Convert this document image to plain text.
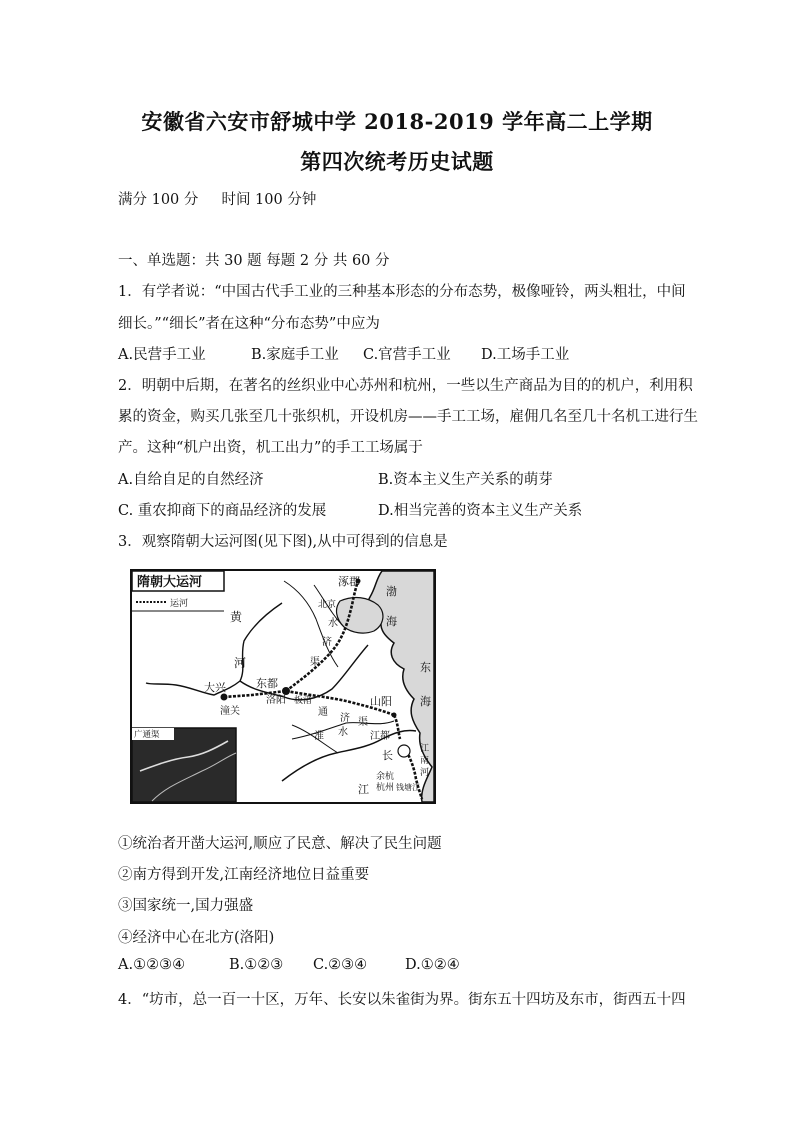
安徽省六安市舒城中学 2018-2019 学年高二上学期
第四次统考历史试题
满分 100 分     时间 100 分钟
一、单选题：共 30 题 每题 2 分 共 60 分
1．有学者说：“中国古代手工业的三种基本形态的分布态势，极像哑铃，两头粗壮，中间
细长。”“细长”者在这种“分布态势”中应为
A.民营手工业	B.家庭手工业 C.官营手工业 D.工场手工业
2．明朝中后期，在著名的丝织业中心苏州和杭州，一些以生产商品为目的的机户，利用积
累的资金，购买几张至几十张织机，开设机房——手工工场，雇佣几名至几十名机工进行生
产。这种“机户出资，机工出力”的手工工场属于
A.自给自足的自然经济	B.资本主义生产关系的萌芽
C. 重农抑商下的商品经济的发展	D.相当完善的资本主义生产关系
3．观察隋朝大运河图(见下图),从中可得到的信息是
隋朝大运河
运河
广通渠
涿郡
北京
水
济
渠
渤
海
黄
河
大兴	东都
洛阳 板渚
潼关	通
济 渠
淮 水
山阳
江都
长
江
余杭
杭州 钱塘江
江
南
河
东
海
①统治者开凿大运河,顺应了民意、解决了民生问题
②南方得到开发,江南经济地位日益重要
③国家统一,国力强盛
④经济中心在北方(洛阳)
A.①②③④	B.①②③ C.②③④	D.①②④
4．“坊市，总一百一十区，万年、长安以朱雀街为界。街东五十四坊及东市，街西五十四
